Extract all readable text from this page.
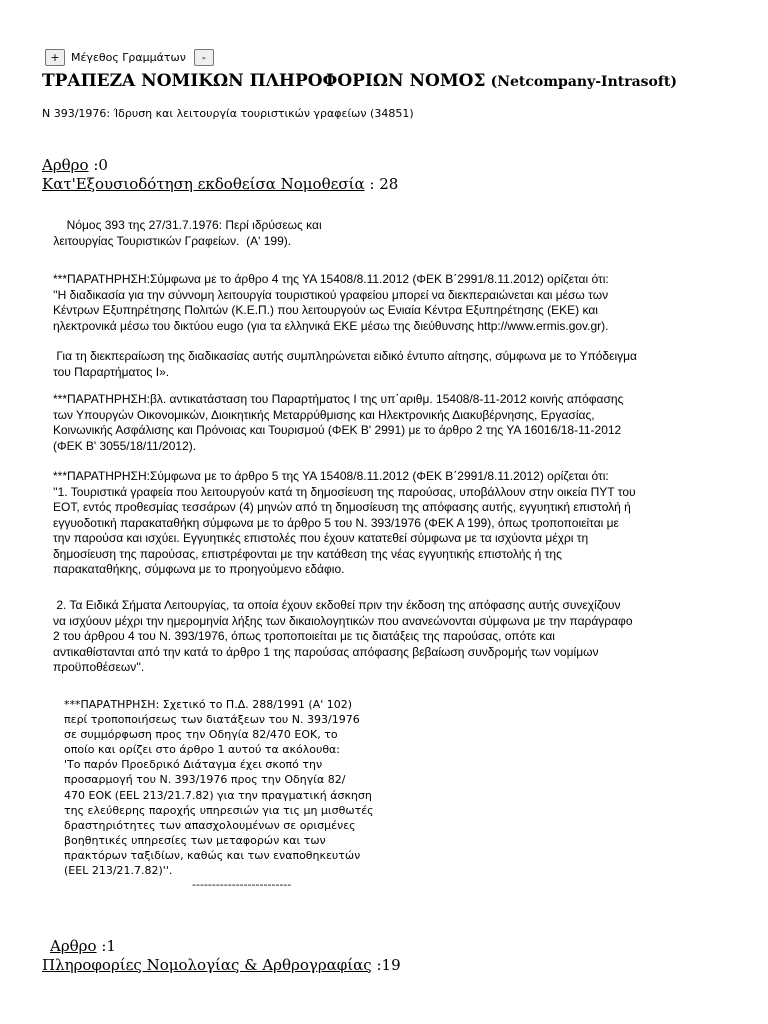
+	Μέγεθος Γραμμάτων	-
ΤΡΑΠΕΖΑ ΝΟΜΙΚΩΝ ΠΛΗΡΟΦΟΡΙΩΝ ΝΟΜΟΣ (Netcompany-Intrasoft)
Ν 393/1976: Ίδρυση και λειτουργία τουριστικών γραφείων (34851)
Αρθρο :0
Κατ'Εξουσιοδότηση εκδοθείσα Νομοθεσία : 28
Νόμος 393 της 27/31.7.1976: Περί ιδρύσεως και
λειτουργίας Τουριστικών Γραφείων.  (Α' 199).
***ΠΑΡΑΤΗΡΗΣΗ:Σύμφωνα με το άρθρο 4 της ΥΑ 15408/8.11.2012 (ΦΕΚ Β΄2991/8.11.2012) ορίζεται ότι:
''Η διαδικασία για την σύννομη λειτουργία τουριστικού γραφείου μπορεί να διεκπεραιώνεται και μέσω των
Κέντρων Εξυπηρέτησης Πολιτών (Κ.Ε.Π.) που λειτουργούν ως Ενιαία Κέντρα Εξυπηρέτησης (ΕΚΕ) και
ηλεκτρονικά μέσω του δικτύου eugo (για τα ελληνικά ΕΚΕ μέσω της διεύθυνσης http://www.ermis.gov.gr).
Για τη διεκπεραίωση της διαδικασίας αυτής συμπληρώνεται ειδικό έντυπο αίτησης, σύμφωνα με το Υπόδειγμα
του Παραρτήματος Ι».
***ΠΑΡΑΤΗΡΗΣΗ:βλ. αντικατάσταση του Παραρτήματος Ι της υπ΄αριθμ. 15408/8-11-2012 κοινής απόφασης
των Υπουργών Οικονομικών, Διοικητικής Μεταρρύθμισης και Ηλεκτρονικής Διακυβέρνησης, Εργασίας,
Κοινωνικής Ασφάλισης και Πρόνοιας και Τουρισμού (ΦΕΚ Β' 2991) με το άρθρο 2 της ΥΑ 16016/18-11-2012
(ΦΕΚ Β' 3055/18/11/2012).
***ΠΑΡΑΤΗΡΗΣΗ:Σύμφωνα με το άρθρο 5 της ΥΑ 15408/8.11.2012 (ΦΕΚ Β΄2991/8.11.2012) ορίζεται ότι:
''1. Τουριστικά γραφεία που λειτουργούν κατά τη δημοσίευση της παρούσας, υποβάλλουν στην οικεία ΠΥΤ του
ΕΟΤ, εντός προθεσμίας τεσσάρων (4) μηνών από τη δημοσίευση της απόφασης αυτής, εγγυητική επιστολή ή
εγγυοδοτική παρακαταθήκη σύμφωνα με το άρθρο 5 του Ν. 393/1976 (ΦΕΚ Α 199), όπως τροποποιείται με
την παρούσα και ισχύει. Εγγυητικές επιστολές που έχουν κατατεθεί σύμφωνα με τα ισχύοντα μέχρι τη
δημοσίευση της παρούσας, επιστρέφονται με την κατάθεση της νέας εγγυητικής επιστολής ή της
παρακαταθήκης, σύμφωνα με το προηγούμενο εδάφιο.
2. Τα Ειδικά Σήματα Λειτουργίας, τα οποία έχουν εκδοθεί πριν την έκδοση της απόφασης αυτής συνεχίζουν
να ισχύουν μέχρι την ημερομηνία λήξης των δικαιολογητικών που ανανεώνονται σύμφωνα με την παράγραφο
2 του άρθρου 4 του Ν. 393/1976, όπως τροποποιείται με τις διατάξεις της παρούσας, οπότε και
αντικαθίστανται από την κατά το άρθρο 1 της παρούσας απόφασης βεβαίωση συνδρομής των νομίμων
προϋποθέσεων''.
***ΠΑΡΑΤΗΡΗΣΗ: Σχετικό το Π.Δ. 288/1991 (Α' 102)
περί τροποποιήσεως των διατάξεων του Ν. 393/1976
σε συμμόρφωση προς την Οδηγία 82/470 ΕΟΚ, το
οποίο και ορίζει στο άρθρο 1 αυτού τα ακόλουθα:
'Το παρόν Προεδρικό Διάταγμα έχει σκοπό την
προσαρμογή του Ν. 393/1976 προς την Οδηγία 82/
470 ΕΟΚ (ΕΕL 213/21.7.82) για την πραγματική άσκηση
της ελεύθερης παροχής υπηρεσιών για τις μη μισθωτές
δραστηριότητες των απασχολουμένων σε ορισμένες
βοηθητικές υπηρεσίες των μεταφορών και των
πρακτόρων ταξιδίων, καθώς και των εναποθηκευτών
(ΕΕL 213/21.7.82)''.
-------------------------
Αρθρο :1
Πληροφορίες Νομολογίας & Αρθρογραφίας :19
